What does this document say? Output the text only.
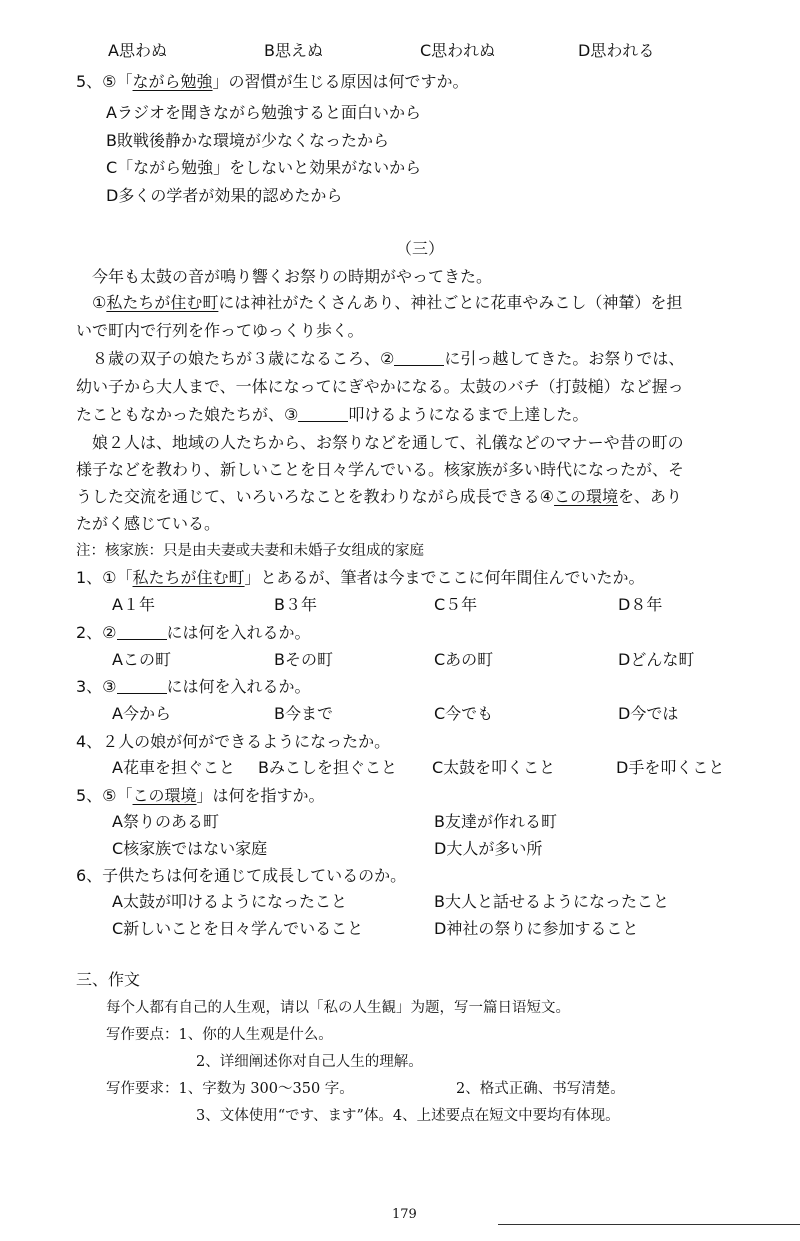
A思わぬ	B思えぬ	C思われぬ	D思われる
5、⑤「ながら勉強」の習慣が生じる原因は何ですか。
Aラジオを聞きながら勉強すると面白いから
B敗戦後静かな環境が少なくなったから
C「ながら勉強」をしないと効果がないから
D多くの学者が効果的認めたから
（三）
今年も太鼓の音が鳴り響くお祭りの時期がやってきた。
①私たちが住む町には神社がたくさんあり、神社ごとに花車やみこし（神輦）を担
いで町内で行列を作ってゆっくり歩く。
８歳の双子の娘たちが３歳になるころ、②	に引っ越してきた。お祭りでは、
幼い子から大人まで、一体になってにぎやかになる。太鼓のバチ（打鼓槌）など握っ
たこともなかった娘たちが、③	叩けるようになるまで上達した。
娘２人は、地域の人たちから、お祭りなどを通して、礼儀などのマナーや昔の町の
様子などを教わり、新しいことを日々学んでいる。核家族が多い時代になったが、そ
うした交流を通じて、いろいろなことを教わりながら成長できる④この環境を、あり
たがく感じている。
注：核家族：只是由夫妻或夫妻和未婚子女组成的家庭
1、①「私たちが住む町」とあるが、筆者は今までここに何年間住んでいたか。
A１年	B３年	C５年	D８年
2、②	には何を入れるか。
Aこの町	Bその町	Cあの町	Dどんな町
3、③	には何を入れるか。
A今から	B今まで	C今でも	D今では
4、２人の娘が何ができるようになったか。
A花車を担ぐこと Bみこしを担ぐこと C太鼓を叩くこと	D手を叩くこと
5、⑤「この環境」は何を指すか。
A祭りのある町	B友達が作れる町
C核家族ではない家庭	D大人が多い所
6、子供たちは何を通じて成長しているのか。
A太鼓が叩けるようになったこと	B大人と話せるようになったこと
C新しいことを日々学んでいること	D神社の祭りに参加すること
三、作文
每个人都有自己的人生观，请以「私の人生観」为题，写一篇日语短文。
写作要点：1、你的人生观是什么。
2、详细阐述你对自己人生的理解。
写作要求：1、字数为 300～350 字。	2、格式正确、书写清楚。
3、文体使用“です、ます”体。4、上述要点在短文中要均有体现。
179
